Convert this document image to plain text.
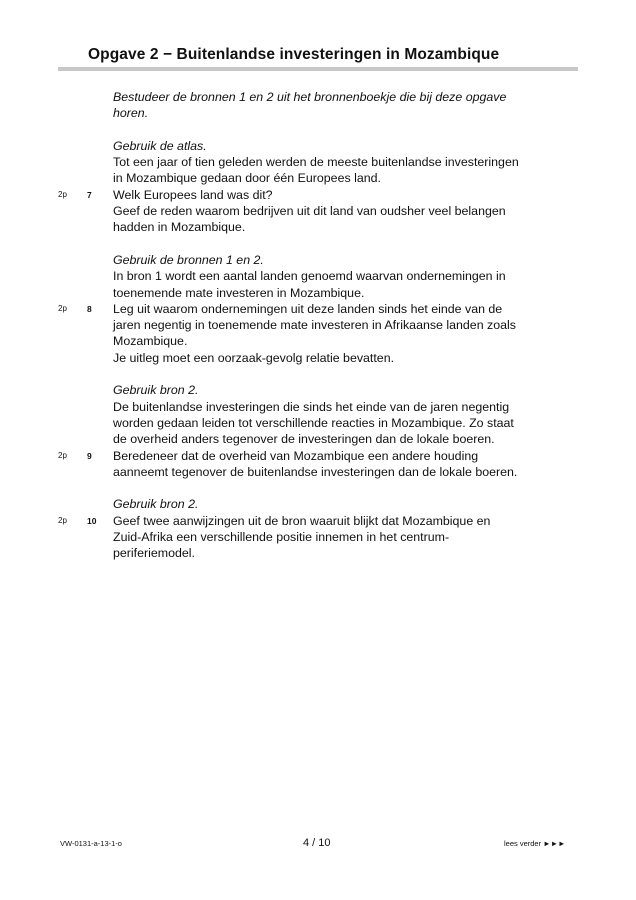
Opgave 2 − Buitenlandse investeringen in Mozambique
Bestudeer de bronnen 1 en 2 uit het bronnenboekje die bij deze opgave
horen.
Gebruik de atlas.
Tot een jaar of tien geleden werden de meeste buitenlandse investeringen
in Mozambique gedaan door één Europees land.
2p 7 Welk Europees land was dit?
Geef de reden waarom bedrijven uit dit land van oudsher veel belangen
hadden in Mozambique.
Gebruik de bronnen 1 en 2.
In bron 1 wordt een aantal landen genoemd waarvan ondernemingen in
toenemende mate investeren in Mozambique.
2p 8 Leg uit waarom ondernemingen uit deze landen sinds het einde van de
jaren negentig in toenemende mate investeren in Afrikaanse landen zoals
Mozambique.
Je uitleg moet een oorzaak-gevolg relatie bevatten.
Gebruik bron 2.
De buitenlandse investeringen die sinds het einde van de jaren negentig
worden gedaan leiden tot verschillende reacties in Mozambique. Zo staat
de overheid anders tegenover de investeringen dan de lokale boeren.
2p 9 Beredeneer dat de overheid van Mozambique een andere houding
aanneemt tegenover de buitenlandse investeringen dan de lokale boeren.
Gebruik bron 2.
2p 10 Geef twee aanwijzingen uit de bron waaruit blijkt dat Mozambique en
Zuid-Afrika een verschillende positie innemen in het centrum-
periferiemodel.
VW-0131-a-13-1-o	4 / 10	lees verder ►►►
